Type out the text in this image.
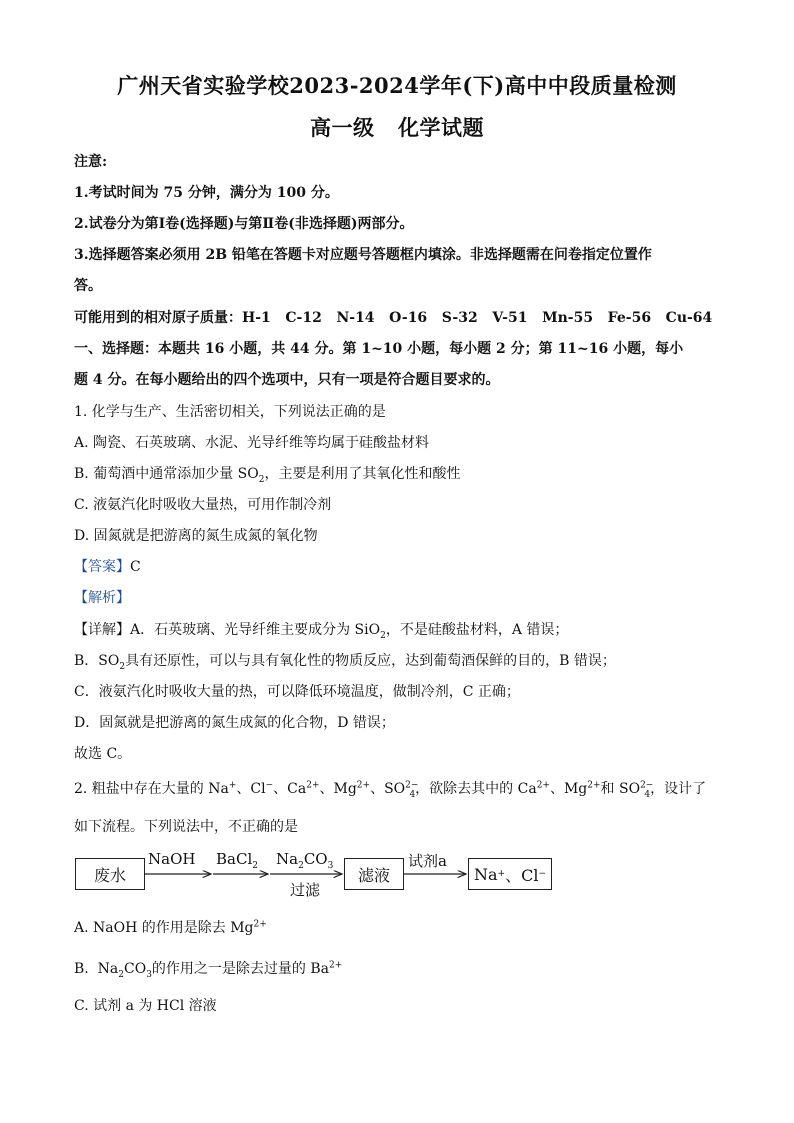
广州天省实验学校2023-2024学年(下)高中中段质量检测
高一级   化学试题
注意:
1.考试时间为 75 分钟，满分为 100 分。
2.试卷分为第Ⅰ卷(选择题)与第Ⅱ卷(非选择题)两部分。
3.选择题答案必须用 2B 铅笔在答题卡对应题号答题框内填涂。非选择题需在问卷指定位置作
答。
可能用到的相对原子质量：H-1   C-12   N-14   O-16   S-32   V-51   Mn-55   Fe-56   Cu-64
一、选择题：本题共 16 小题，共 44 分。第 1~10 小题，每小题 2 分；第 11~16 小题，每小
题 4 分。在每小题给出的四个选项中，只有一项是符合题目要求的。
1. 化学与生产、生活密切相关，下列说法正确的是
A. 陶瓷、石英玻璃、水泥、光导纤维等均属于硅酸盐材料
B. 葡萄酒中通常添加少量 $SO_2$，主要是利用了其氧化性和酸性
C. 液氨汽化时吸收大量热，可用作制冷剂
D. 固氮就是把游离的氮生成氮的氧化物
【答案】C
【解析】
【详解】A．石英玻璃、光导纤维主要成分为 SiO$_2$，不是硅酸盐材料，A 错误；
B．$SO_2$具有还原性，可以与具有氧化性的物质反应，达到葡萄酒保鲜的目的，B 错误；
C．液氨汽化时吸收大量的热，可以降低环境温度，做制冷剂，C 正确；
D．固氮就是把游离的氮生成氮的化合物，D 错误；
故选 C。
2. 粗盐中存在大量的 Na+、Cl−、$Ca^{2+}$、$Mg^{2+}$、$SO^{2-}_4$，欲除去其中的 $Ca^{2+}$、$Mg^{2+}$和 $SO^{2-}_4$，设计了
如下流程。下列说法中，不正确的是
废水
NaOH BaCl$_2$ $Na_2CO_3$
过滤
滤液
试剂a
Na + 、Cl −
A. NaOH 的作用是除去 $Mg^{2+}$
B.  $Na_2CO_3$的作用之一是除去过量的 $Ba^{2+}$
C. 试剂 a 为 HCl 溶液
